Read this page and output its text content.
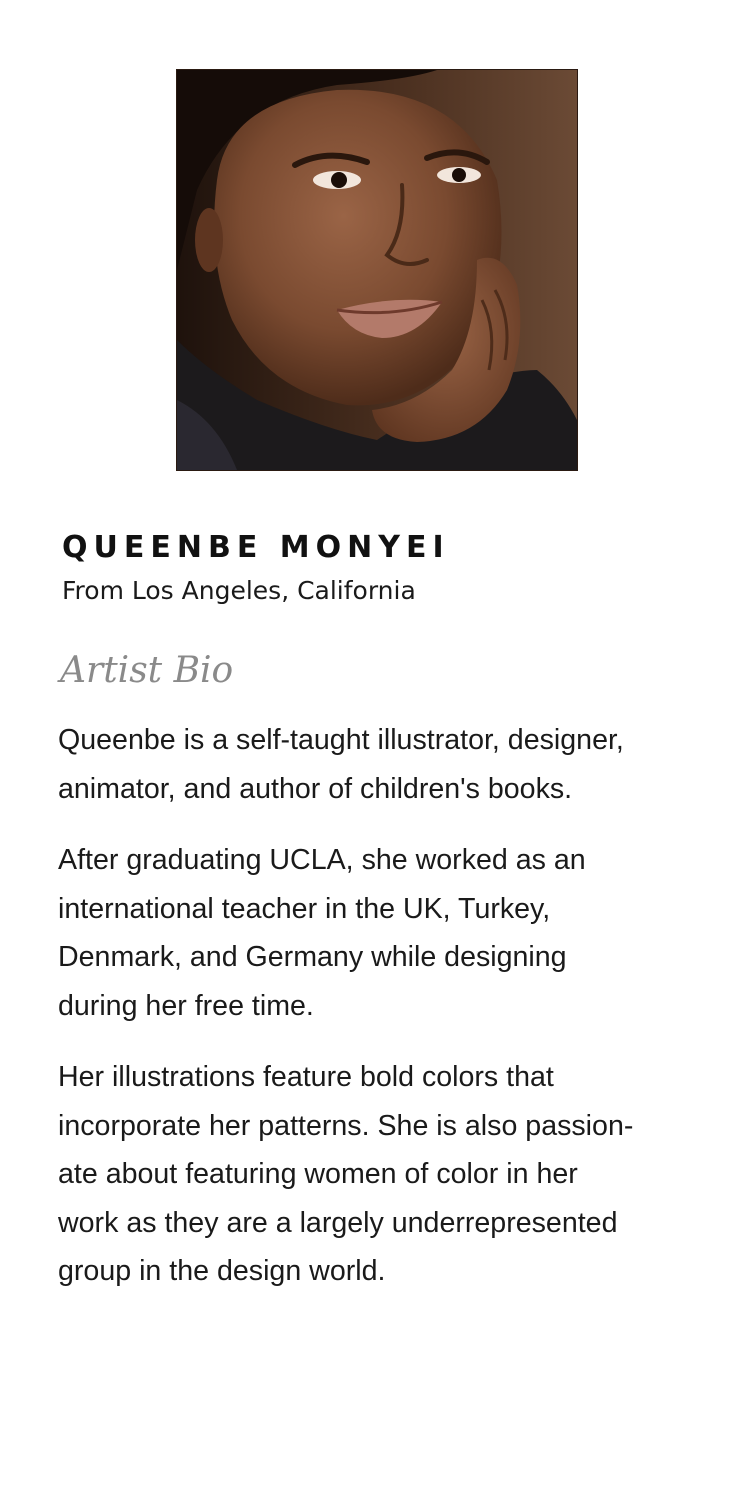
QUEENBE MONYEI
From Los Angeles, California
Artist Bio

Queenbe is a self-taught illustrator, designer,
animator, and author of children's books.

After graduating UCLA, she worked as an
international teacher in the UK, Turkey,
Denmark, and Germany while designing
during her free time.

Her illustrations feature bold colors that
incorporate her patterns. She is also passion-
ate about featuring women of color in her
work as they are a largely underrepresented
group in the design world.
